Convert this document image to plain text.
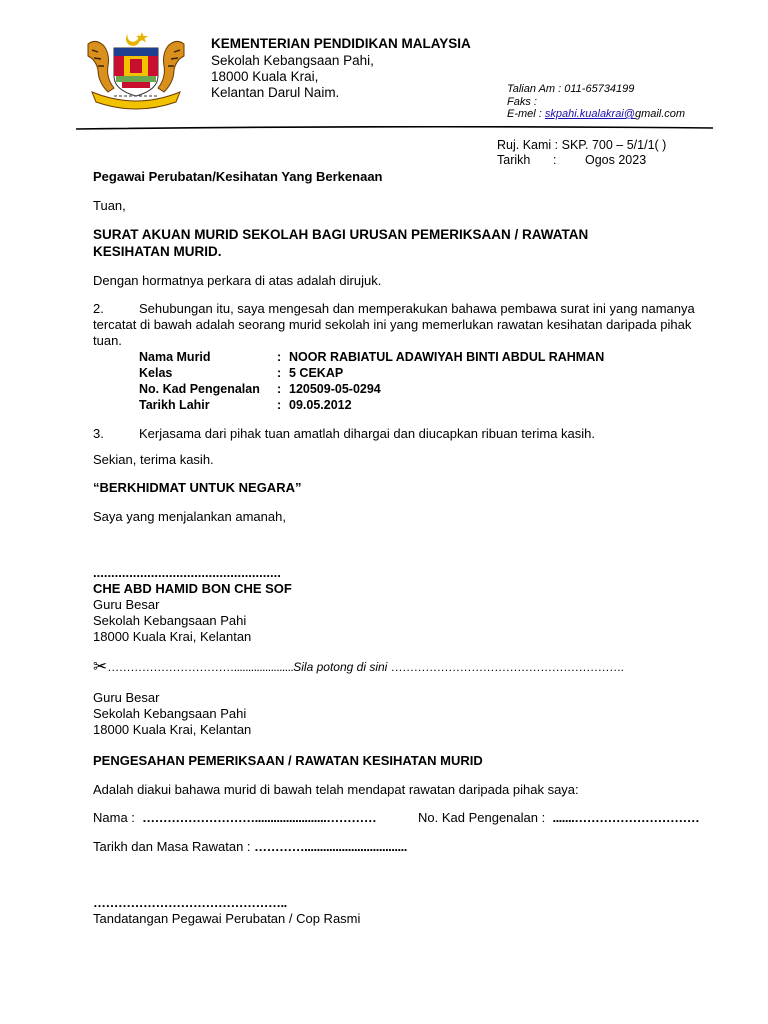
KEMENTERIAN PENDIDIKAN MALAYSIA
Sekolah Kebangsaan Pahi,
18000 Kuala Krai,
Kelantan Darul Naim.	Talian Am : 011-65734199
Faks :
E-mel : skpahi.kualakrai@gmail.com
Ruj. Kami : SKP. 700 – 5/1/1( )
Tarikh : Ogos 2023
Pegawai Perubatan/Kesihatan Yang Berkenaan
Tuan,
SURAT AKUAN MURID SEKOLAH BAGI URUSAN PEMERIKSAAN / RAWATAN KESIHATAN MURID.
Dengan hormatnya perkara di atas adalah dirujuk.
2.	Sehubungan itu, saya mengesah dan memperakukan bahawa pembawa surat ini yang namanya
tercatat di bawah adalah seorang murid sekolah ini yang memerlukan rawatan kesihatan daripada pihak tuan.
Nama Murid	: NOOR RABIATUL ADAWIYAH BINTI ABDUL RAHMAN
Kelas	: 5 CEKAP
No. Kad Pengenalan : 120509-05-0294
Tarikh Lahir	: 09.05.2012
3.	Kerjasama dari pihak tuan amatlah dihargai dan diucapkan ribuan terima kasih.
Sekian, terima kasih.
“BERKHIDMAT UNTUK NEGARA”
Saya yang menjalankan amanah,
....................................................
CHE ABD HAMID BON CHE SOF
Guru Besar
Sekolah Kebangsaan Pahi
18000 Kuala Krai, Kelantan
✂…………………………….....................Sila potong di sini …………………………………………………….
Guru Besar
Sekolah Kebangsaan Pahi
18000 Kuala Krai, Kelantan
PENGESAHAN PEMERIKSAAN / RAWATAN KESIHATAN MURID
Adalah diakui bahawa murid di bawah telah mendapat rawatan daripada pihak saya:
Nama : ……………………….......................…………	No. Kad Pengenalan : .......…………………………
Tarikh dan Masa Rawatan : ………….................................
………………………………………..
Tandatangan Pegawai Perubatan / Cop Rasmi
